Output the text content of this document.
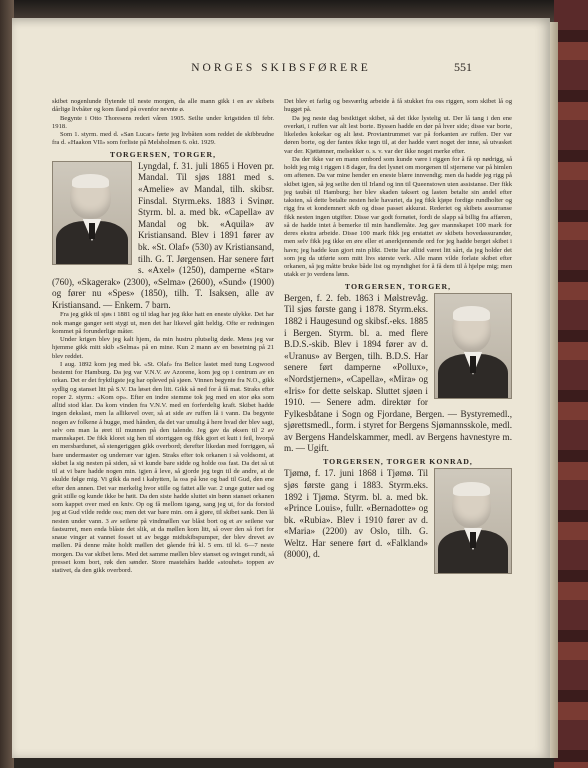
NORGES SKIBSFØRERE	551

skibet nogenlunde flytende til neste morgen, da alle mann gikk i en av skibets dårlige livbåter og kom iland på ovenfor nevnte ø.

Begynte i Otto Thoresens rederi våren 1905. Seilte under krigstiden til febr. 1918.

Som 1. styrm. med d. «San Lucar» førte jeg livbåten som reddet de skibbrudne fra d. «Haakon VII» som forliste på Melsholmen 6. okt. 1929.

TORGERSEN, TORGER,
Lyngdal, f. 31. juli 1865 i Hoven pr. Mandal. Til sjøs 1881 med s. «Amelie» av Mandal, tilh. skibsr. Finsdal. Styrm.eks. 1883 i Svinør. Styrm. bl. a. med bk. «Capella» av Mandal og bk. «Aquila» av Kristiansand. Blev i 1891 fører av bk. «St. Olaf» (530) av Kristiansand, tilh. G. T. Jørgensen. Har senere ført s. «Axel» (1250), damperne «Star» (760), «Skagerak» (2300), «Selma» (2600), «Sund» (1900) og fører nu «Spes» (1850), tilh. T. Isaksen, alle av Kristiansand. — Enkem. 7 barn.

Fra jeg gikk til sjøs i 1881 og til idag har jeg ikke hatt en eneste ulykke. Det har nok mange ganger sett stygt ut, men det har likevel gått heldig. Ofte er redningen kommet på forunderlige måter.

Under krigen blev jeg kalt hjem, da min hustru plutselig døde. Mens jeg var hjemme gikk mitt skib «Selma» på en mine. Kun 2 mann av en besetning på 21 blev reddet.

I aug. 1892 kom jeg med bk. «St. Olaf» fra Belice lastet med tung Logwood bestemt for Hamburg. Da jeg var V.N.V. av Azorene, kom jeg op i centrum av en orkan. Det er det fryktligste jeg har opleved på sjøen. Vinnen begynte fra N.O., gikk sydlig og stanset litt på S.V. Da løset den litt. Gikk så ned for å få mat. Straks efter roper 2. styrm.: «Kom op». Efter en indre stemme tok jeg med en stor øks som alltid stod klar. Da kom vinden fra V.N.V. med en forferdelig kraft. Skibet hadde ingen dekslast, men la allikevel over, så at side av ruffen lå i vann. Da begynte nogen av folkene å hugge, med hånden, da det var umulig å here hvad der blev sagt, selv om man la øret til munnen på den talende. Jeg gav da øksen til 2 av mannskapet. De fikk kloret sig hen til storriggen og fikk gjort et kutt i feil, hvorpå en mersbardunet, så stengeriggen gikk overbord; derefter likedan med forriggen, så bare undermaster og underrær var igjen. Straks efter tok orkanen i så voldsomt, at skibet la sig nesten på siden, så vi kunde bare sidde og holde oss fast. Da det så ut til at vi bare hadde nogen min. igjen å leve, så gjorde jeg tegn til de andre, at de skulde følge mig. Vi gikk da ned i kahytten, la oss på kne og bad til Gud, den ene efter den annen. Det var merkelig hvor stille og fattet alle var. 2 unge gutter sad og gråt stille og kunde ikke be høit. Da den siste hadde sluttet sin bønn stanset orkanen som kappet over med en kniv. Op og få mellom igang, sang jeg ut, for da forstod jeg at Gud vilde redde oss; men det var bare min. om å gjøre, til skibet sank. Den lå nesten under vann. 3 av seilene på vindmøllen var blåst bort og et av seilene var fastsurret, men enda blåste det slik, at da møllen kom litt, så over den så fort for snaue vinger at vannet fosset ut av begge midtskibspumper, der blev drevet av møllen. På denne måte holdt møllen det gående frå kl. 5 em. til kl. 6—7 neste morgen. Da var skibet lens. Med det samme møllen blev stanset og svinget rundt, så presset kom bort, røk den sønder. Store mastehårs hadde «stouhet» toppen av stativet, da den gikk overbord.

Det blev et farlig og besværlig arbeide å få stukket fra oss riggen, som skibet lå og hugget på.

Da jeg neste dag besiktiget skibet, så det ikke lystelig ut. Der lå tang i den ene overkøi, i ruffen var alt lest borte. Byssen hadde en dør på hver side; disse var borte, likeledes kokekar og alt løst. Proviantrummet var på forkanten av ruffen. Der var døren borte, og der fantes ikke tegn til, at der hadde vært noget der inne, så utvasket var der. Kjøttønner, melsekker o. s. v. var der ikke noget merke efter.

Da der ikke var en mann ombord som kunde være i riggen for å få op nødrigg, så holdt jeg mig i riggen i 8 dager, fra det lysnet om morgenen til stjernene var på himlen om aftenen. Da var mine hender en eneste blære innvendig; men da hadde jeg rigg på skibet igjen, så jeg seilte den til Irland og inn til Queenstown uten assistanse. Der fikk jeg taubåt til Hamburg; her blev skaden taksert og lasten betalte sin andel efter taksten, så dette betalte nesten hele havariet, da jeg fikk kjøpe fordige rundholter og rigg fra et kondemnert skib og disse passet akkurat. Rederiet og skibets assurranse fikk nesten ingen utgifter. Disse var godt fornøiet, fordi de slapp så billig fra affæren, så de hadde intet å bemerke til min handlemåte. Jeg gav mannskapet 100 mark for deres ekstra arbeide. Disse 100 mark fikk jeg erstattet av skibets hovedassurandør, men selv fikk jeg ikke en øre eller et anerkjennende ord for jeg hadde berget skibet i havn; jeg hadde kun gjort min plikt. Dette har alltid været litt sårt, da jeg holder det som jeg da utførte som mitt livs største verk. Alle mann vilde forlate skibet efter orkanen, så jeg måtte bruke både list og myndighet for å få dem til å hjelpe mig; men utakk er jo verdens lønn.

TORGERSEN, TORGER,
Bergen, f. 2. feb. 1863 i Mølstrevåg. Til sjøs første gang i 1878. Styrm.eks. 1882 i Haugesund og skibsf.-eks. 1885 i Bergen. Styrm. bl. a. med flere B.D.S.-skib. Blev i 1894 fører av d. «Uranus» av Bergen, tilh. B.D.S. Har senere ført damperne «Pollux», «Nordstjernen», «Capella», «Mira» og «Iris» for dette selskap. Sluttet sjøen i 1910. — Senere adm. direktør for Fylkesbåtane i Sogn og Fjordane, Bergen. — Bystyremedl., sjørettsmedl., form. i styret for Bergens Sjømannsskole, medl. av Bergens Handelskammer, medl. av Bergens havnestyre m. m. — Ugift.
TORGERSEN, TORGER KONRAD,
Tjømø, f. 17. juni 1868 i Tjømø. Til sjøs første gang i 1883. Styrm.eks. 1892 i Tjømø. Styrm. bl. a. med bk. «Prince Louis», fullr. «Bernadotte» og bk. «Rubia». Blev i 1910 fører av d. «Maria» (2200) av Oslo, tilh. G. Weltz. Har senere ført d. «Falkland» (8000), d.
